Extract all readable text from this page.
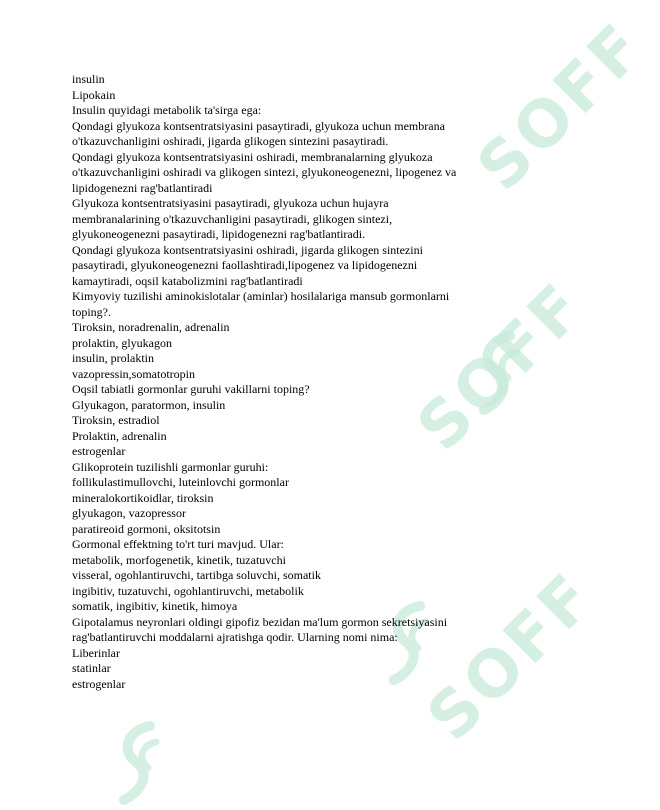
SOFF
SOFF
SOFF
insulin
Lipokain
Insulin quyidagi metabolik ta'sirga ega:
Qondagi glyukoza kontsentratsiyasini pasaytiradi, glyukoza uchun membrana
o'tkazuvchanligini oshiradi, jigarda glikogen sintezini pasaytiradi.
Qondagi glyukoza kontsentratsiyasini oshiradi, membranalarning glyukoza
o'tkazuvchanligini oshiradi va glikogen sintezi, glyukoneogenezni, lipogenez va
lipidogenezni rag'batlantiradi
Glyukoza kontsentratsiyasini pasaytiradi, glyukoza uchun hujayra
membranalarining o'tkazuvchanligini pasaytiradi, glikogen sintezi,
glyukoneogenezni pasaytiradi, lipidogenezni rag'batlantiradi.
Qondagi glyukoza kontsentratsiyasini oshiradi, jigarda glikogen sintezini
pasaytiradi, glyukoneogenezni faollashtiradi,lipogenez va lipidogenezni
kamaytiradi, oqsil katabolizmini rag'batlantiradi
Kimyoviy tuzilishi aminokislotalar (aminlar) hosilalariga mansub gormonlarni
toping?.
Tiroksin, noradrenalin, adrenalin
prolaktin, glyukagon
insulin, prolaktin
vazopressin,somatotropin
Oqsil tabiatli gormonlar guruhi vakillarni toping?
Glyukagon, paratormon, insulin
Tiroksin, estradiol
Prolaktin, adrenalin
estrogenlar
Glikoprotein tuzilishli garmonlar guruhi:
follikulastimullovchi, luteinlovchi gormonlar
mineralokortikoidlar, tiroksin
glyukagon, vazopressor
paratireoid gormoni, oksitotsin
Gormonal effektning to'rt turi mavjud. Ular:
metabolik, morfogenetik, kinetik, tuzatuvchi
visseral, ogohlantiruvchi, tartibga soluvchi, somatik
ingibitiv, tuzatuvchi, ogohlantiruvchi, metabolik
somatik, ingibitiv, kinetik, himoya
Gipotalamus neyronlari oldingi gipofiz bezidan ma'lum gormon sekretsiyasini
rag'batlantiruvchi moddalarni ajratishga qodir. Ularning nomi nima:
Liberinlar
statinlar
estrogenlar
